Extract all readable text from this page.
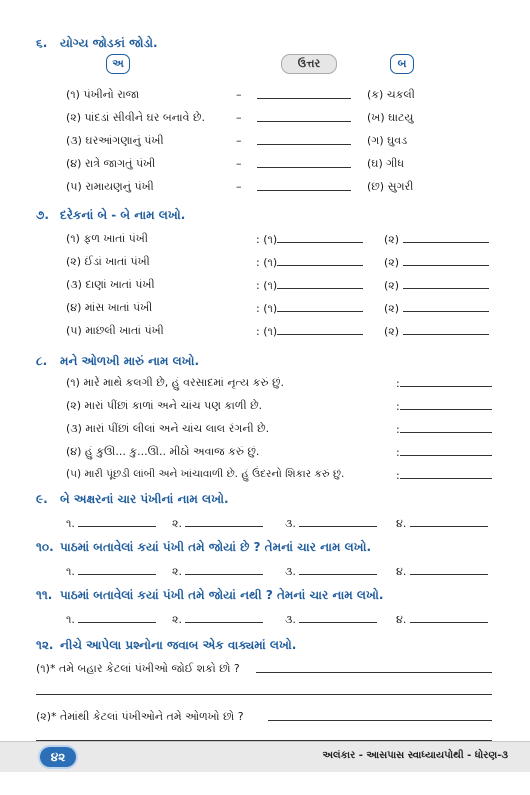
૬. યોગ્ય જોડકાં જોડો.
અ	ઉત્તર	બ
(૧) પંખીનો રાજા	–	(ક) ચકલી
(૨) પાંદડાં સીવીને ઘર બનાવે છે.	–	(ખ) ઘાટયુ
(૩) ઘરઆંગણાનું પંખી	–	(ગ) ઘુવડ
(૪) રાત્રે જાગતું પંખી	–	(ઘ) ગીધ
(૫) રામાયણનું પંખી	–	(છ) સુગરી
૭. દરેકનાં બે - બે નામ લખો.
(૧) ફળ ખાતાં પંખી	: (૧)	(૨)
(૨) ઈંડાં ખાતાં પંખી	: (૧)	(૨)
(૩) દાણાં ખાતાં પંખી	: (૧)	(૨)
(૪) માંસ ખાતાં પંખી	: (૧)	(૨)
(૫) માછલી ખાતાં પંખી	: (૧)	(૨)
૮. મને ઓળખી મારું નામ લખો.
(૧) મારે માથે કલગી છે, હું વરસાદમાં નૃત્ય કરું છું.	:
(૨) મારાં પીંછાં કાળાં અને ચાંચ પણ કાળી છે.	:
(૩) મારાં પીંછાં લીલાં અને ચાંચ લાલ રંગની છે.	:
(૪) હું કુઊ... કુ...ઊ.. મીઠો અવાજ કરું છું.	:
(૫) મારી પૂંછડી લાંબી અને ખાંચાવાળી છે. હું ઉંદરનો શિકાર કરું છું.	:
૯. બે અક્ષરનાં ચાર પંખીનાં નામ લખો.
૧.	૨.	૩.	૪.
૧૦. પાઠમાં બતાવેલાં કયાં પંખી તમે જોયાં છે ? તેમનાં ચાર નામ લખો.
૧.	૨.	૩.	૪.
૧૧. પાઠમાં બતાવેલાં કયાં પંખી તમે જોયાં નથી ? તેમનાં ચાર નામ લખો.
૧.	૨.	૩.	૪.
૧૨. નીચે આપેલા પ્રશ્નોના જવાબ એક વાક્યમાં લખો.
(૧)* તમે બહાર કેટલાં પંખીઓ જોઈ શકો છો ?
(૨)* તેમાંથી કેટલાં પંખીઓને તમે ઓળખો છો ?
૪૨	અલંકાર - આસપાસ સ્વાધ્યાયપોથી - ધોરણ-૩
